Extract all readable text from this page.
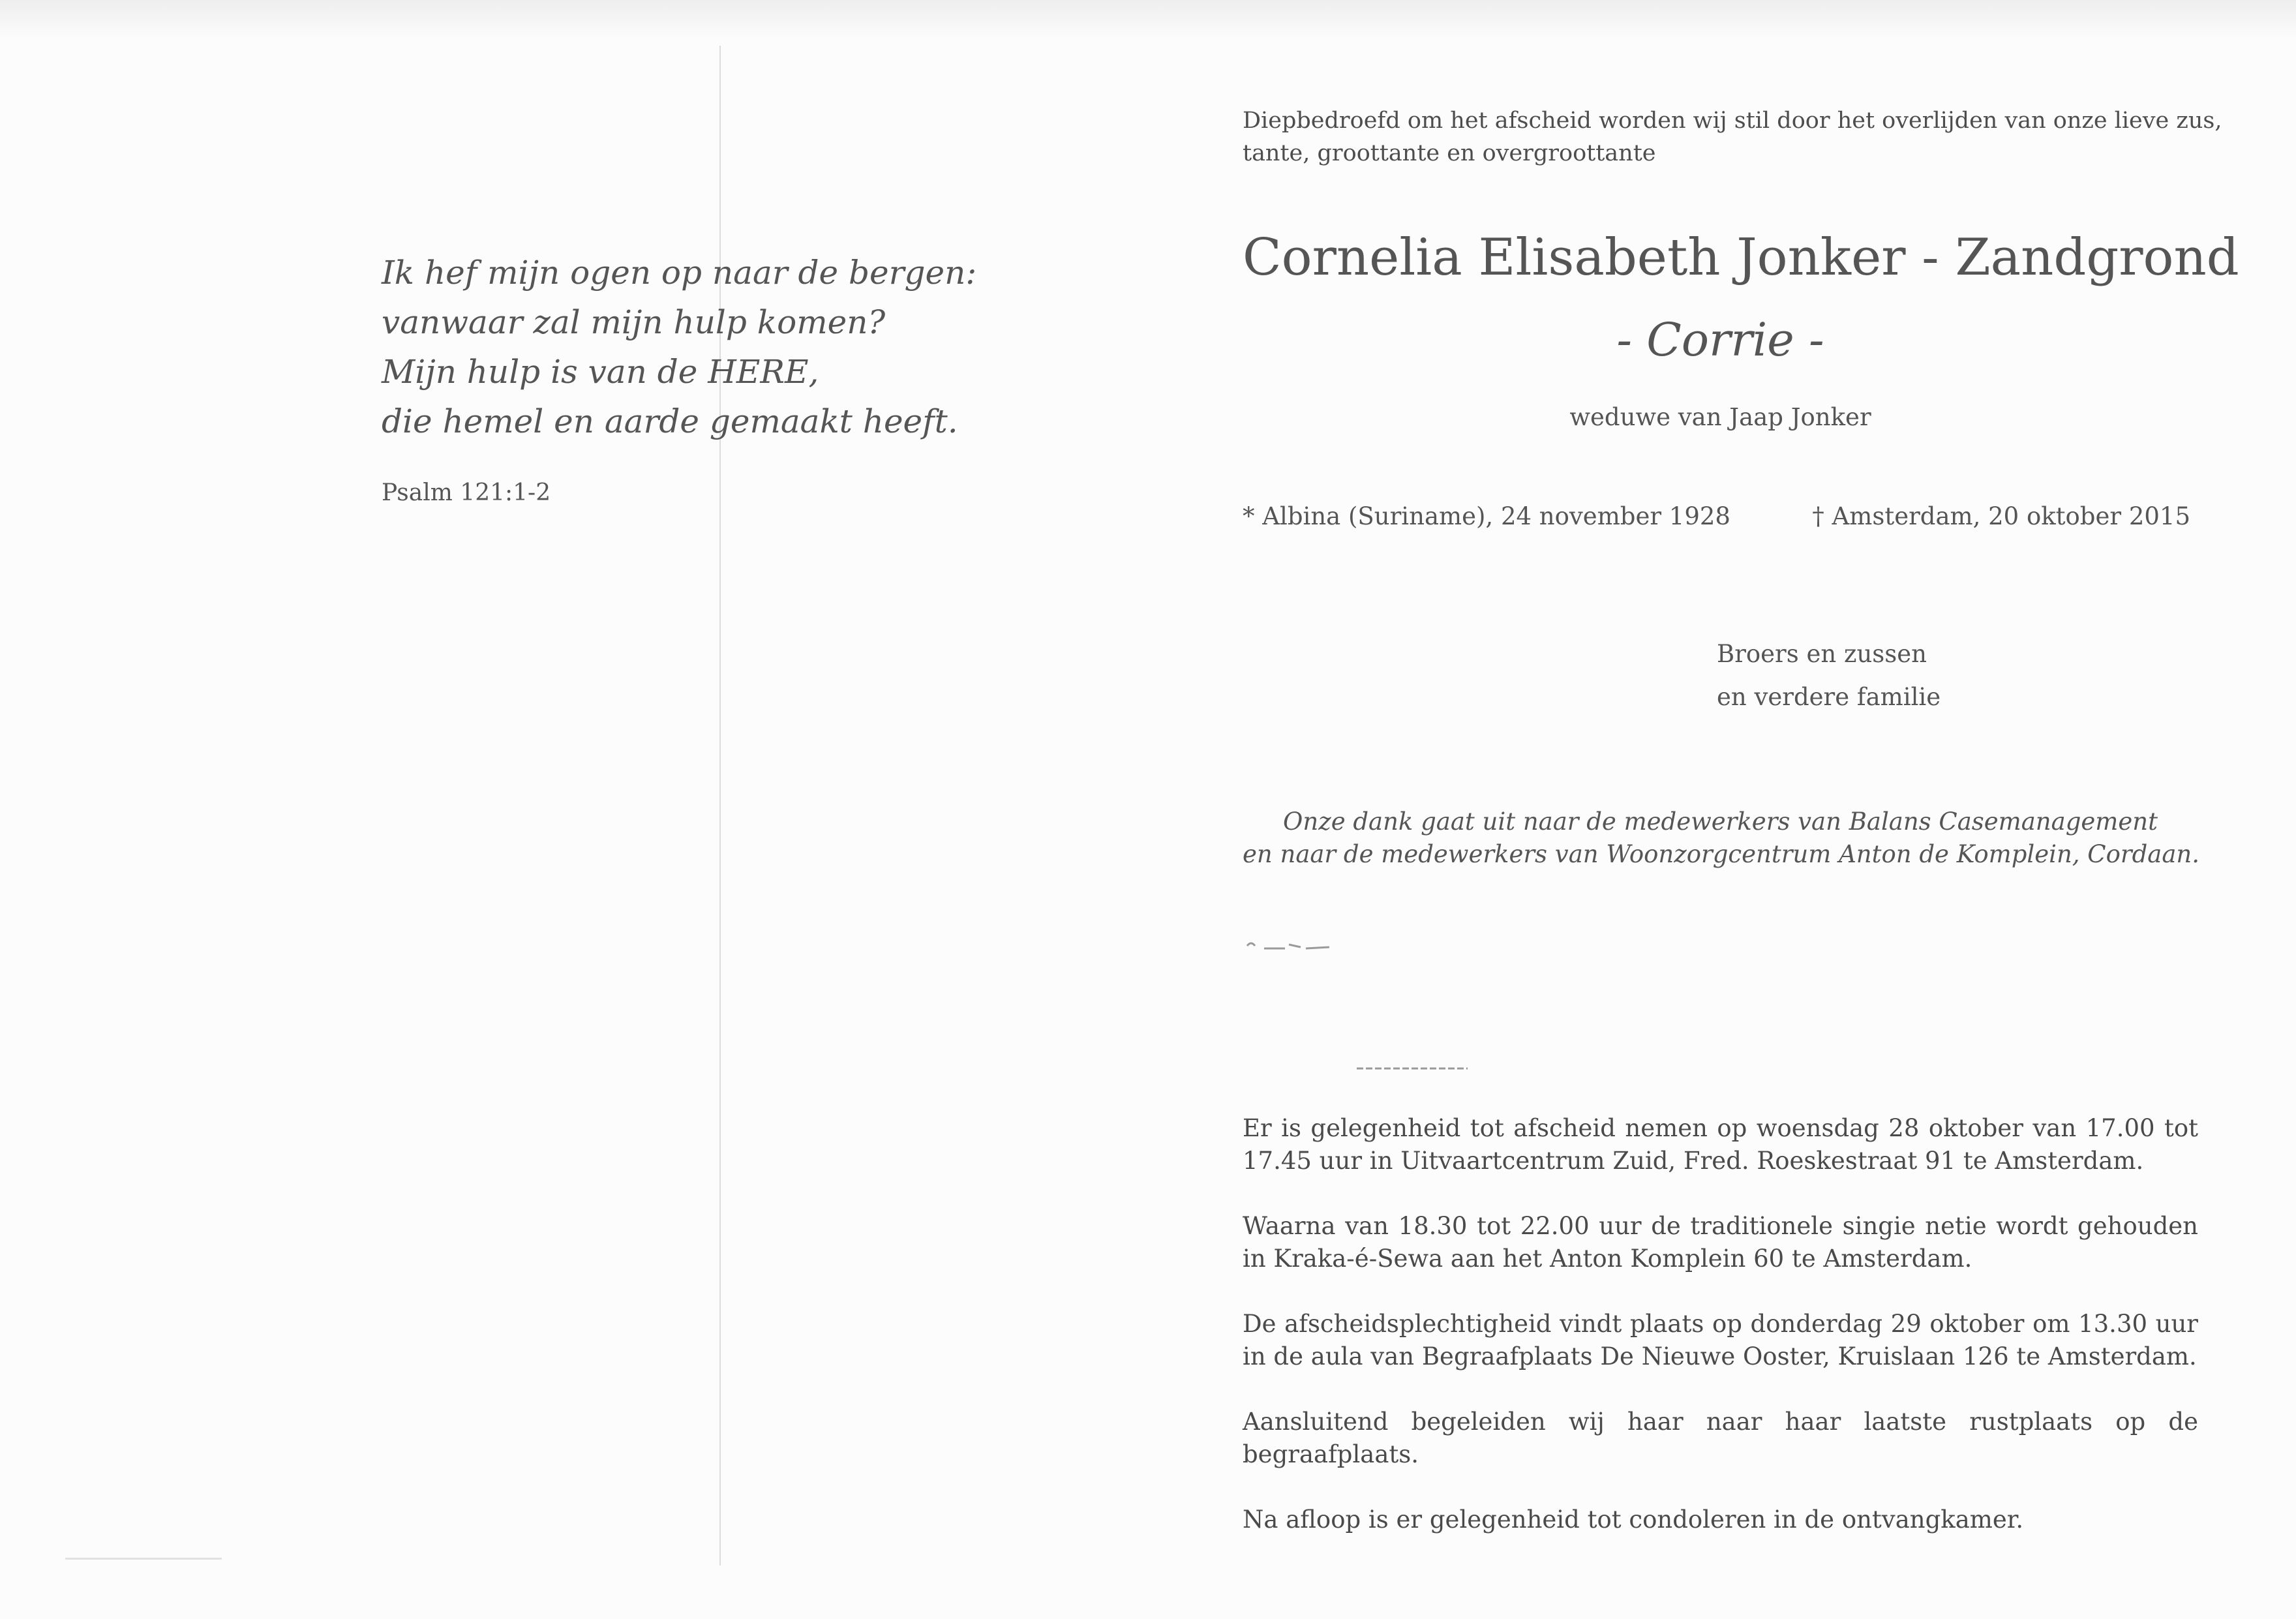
Ik hef mijn ogen op naar de bergen:
vanwaar zal mijn hulp komen?
Mijn hulp is van de HERE,
die hemel en aarde gemaakt heeft.
Psalm 121:1-2
Diepbedroefd om het afscheid worden wij stil door het overlijden van onze lieve zus,
tante, groottante en overgroottante
Cornelia Elisabeth Jonker - Zandgrond
- Corrie -
weduwe van Jaap Jonker
* Albina (Suriname), 24 november 1928	† Amsterdam, 20 oktober 2015
Broers en zussen
en verdere familie
Onze dank gaat uit naar de medewerkers van Balans Casemanagement
en naar de medewerkers van Woonzorgcentrum Anton de Komplein, Cordaan.

Er is gelegenheid tot afscheid nemen op woensdag 28 oktober van 17.00 tot 17.45 uur in Uitvaartcentrum Zuid, Fred. Roeskestraat 91 te Amsterdam.

Waarna van 18.30 tot 22.00 uur de traditionele singie netie wordt gehouden in Kraka-é-Sewa aan het Anton Komplein 60 te Amsterdam.

De afscheidsplechtigheid vindt plaats op donderdag 29 oktober om 13.30 uur in de aula van Begraafplaats De Nieuwe Ooster, Kruislaan 126 te Amsterdam.

Aansluitend begeleiden wij haar naar haar laatste rustplaats op de begraafplaats.

Na afloop is er gelegenheid tot condoleren in de ontvangkamer.
